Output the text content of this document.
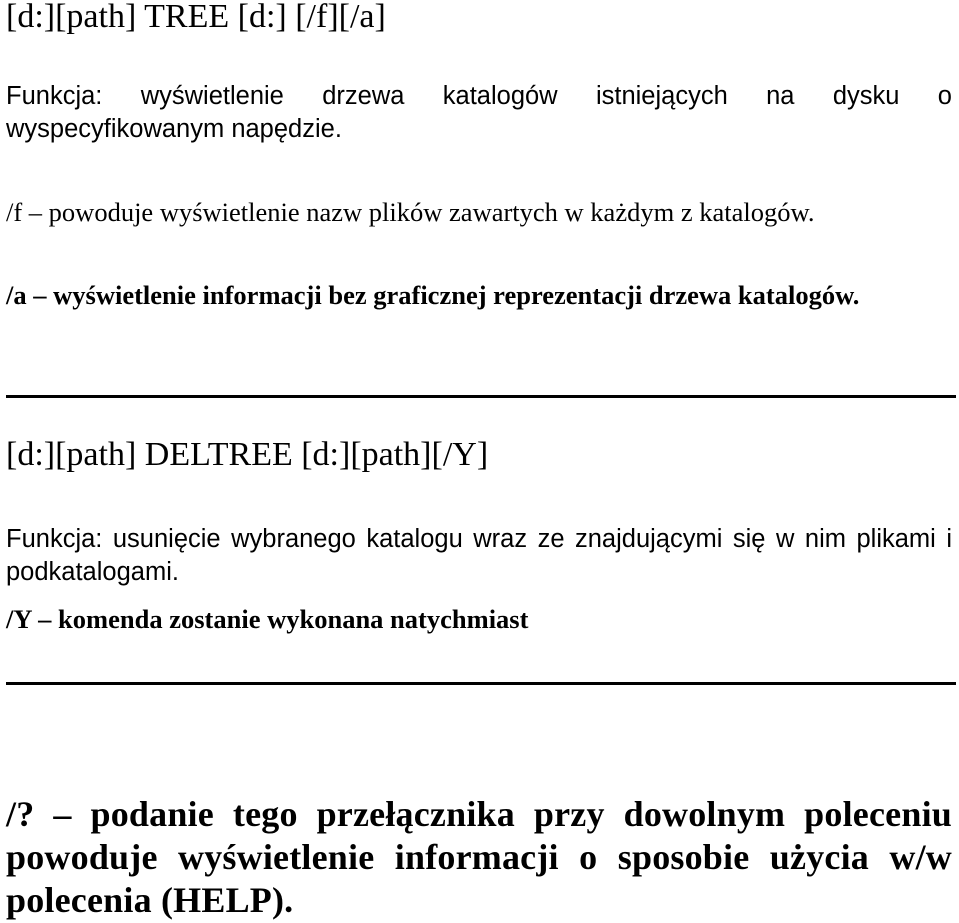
[d:][path] TREE [d:] [/f][/a]

Funkcja: wyświetlenie drzewa katalogów istniejących na dysku o wyspecyfikowanym napędzie.

/f – powoduje wyświetlenie nazw plików zawartych w każdym z katalogów.

/a – wyświetlenie informacji bez graficznej reprezentacji drzewa katalogów.

[d:][path] DELTREE [d:][path][/Y]

Funkcja: usunięcie wybranego katalogu wraz ze znajdującymi się w nim plikami i podkatalogami.

/Y – komenda zostanie wykonana natychmiast

/? – podanie tego przełącznika przy dowolnym poleceniu powoduje wyświetlenie informacji o sposobie użycia w/w polecenia (HELP).
